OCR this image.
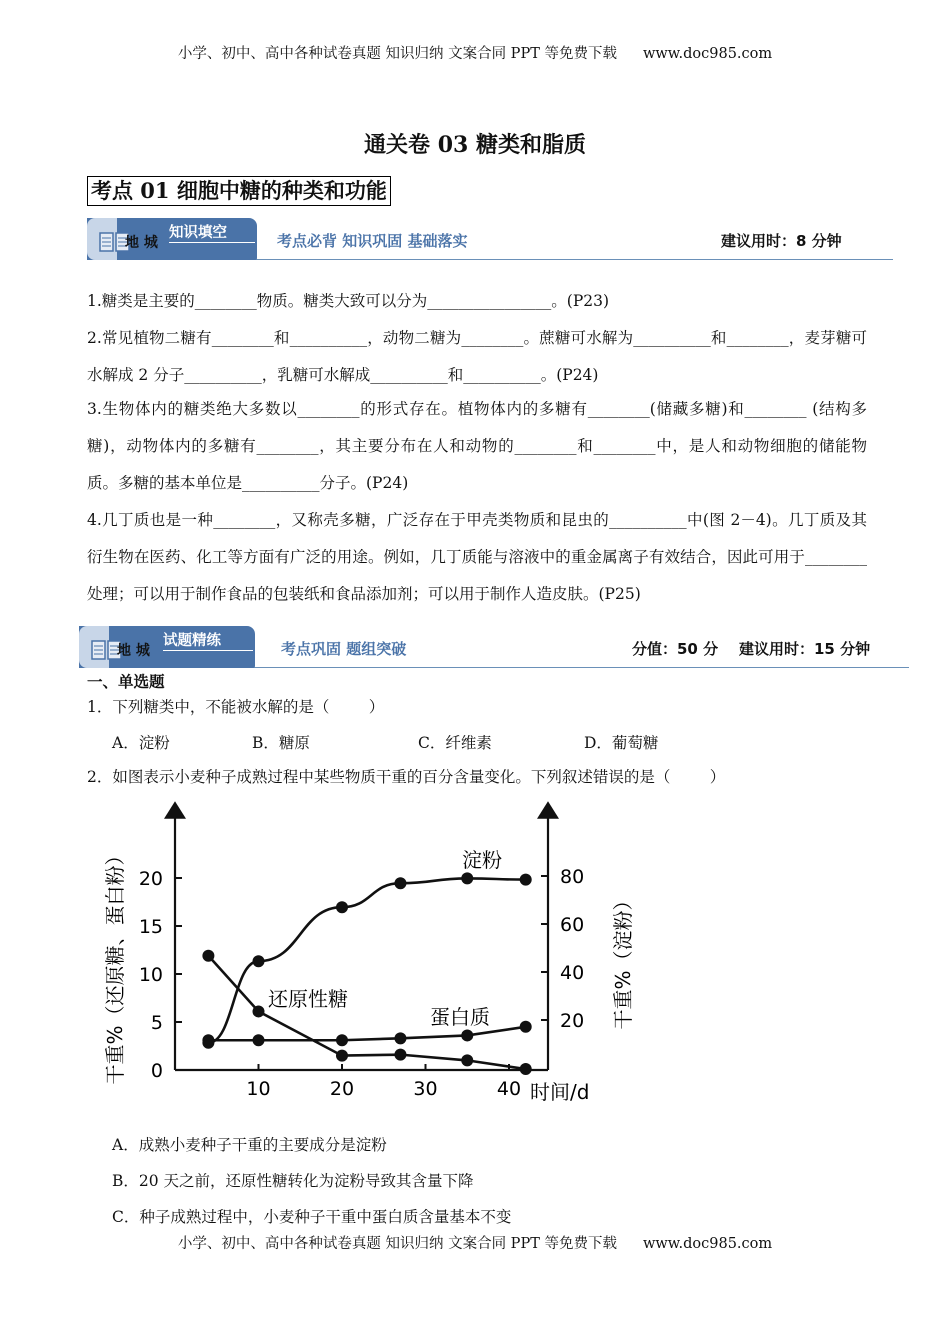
小学、初中、高中各种试卷真题 知识归纳 文案合同 PPT 等免费下载 www.doc985.com
通关卷 03 糖类和脂质
考点 01 细胞中糖的种类和功能
地 城
知识填空	考点必背 知识巩固 基础落实	建议用时：8 分钟
1.糖类是主要的________物质。糖类大致可以分为________________。(P23)
2.常见植物二糖有________和__________，动物二糖为________。蔗糖可水解为__________和________，麦芽糖可水解成 2 分子__________，乳糖可水解成__________和__________。(P24)
3.生物体内的糖类绝大多数以________的形式存在。植物体内的多糖有________(储藏多糖)和________ (结构多糖)，动物体内的多糖有________，其主要分布在人和动物的________和________中，是人和动物细胞的储能物质。多糖的基本单位是__________分子。(P24)
4.几丁质也是一种________，又称壳多糖，广泛存在于甲壳类物质和昆虫的__________中(图 2－4)。几丁质及其衍生物在医药、化工等方面有广泛的用途。例如，几丁质能与溶液中的重金属离子有效结合，因此可用于________处理；可以用于制作食品的包装纸和食品添加剂；可以用于制作人造皮肤。(P25)
地 城
试题精练	考点巩固 题组突破	分值：50 分    建议用时：15 分钟
一、单选题
1．下列糖类中，不能被水解的是（        ）
A．淀粉	B．糖原	C．纤维素	D．葡萄糖
2．如图表示小麦种子成熟过程中某些物质干重的百分含量变化。下列叙述错误的是（        ）
0
5
10
15
20
20
40
60
80
10	20	30	40
干重%（还原糖、蛋白粉）	干重%（淀粉）
时间/d
淀粉
还原性糖
蛋白质
A．成熟小麦种子干重的主要成分是淀粉
B．20 天之前，还原性糖转化为淀粉导致其含量下降
C．种子成熟过程中，小麦种子干重中蛋白质含量基本不变
小学、初中、高中各种试卷真题 知识归纳 文案合同 PPT 等免费下载 www.doc985.com
